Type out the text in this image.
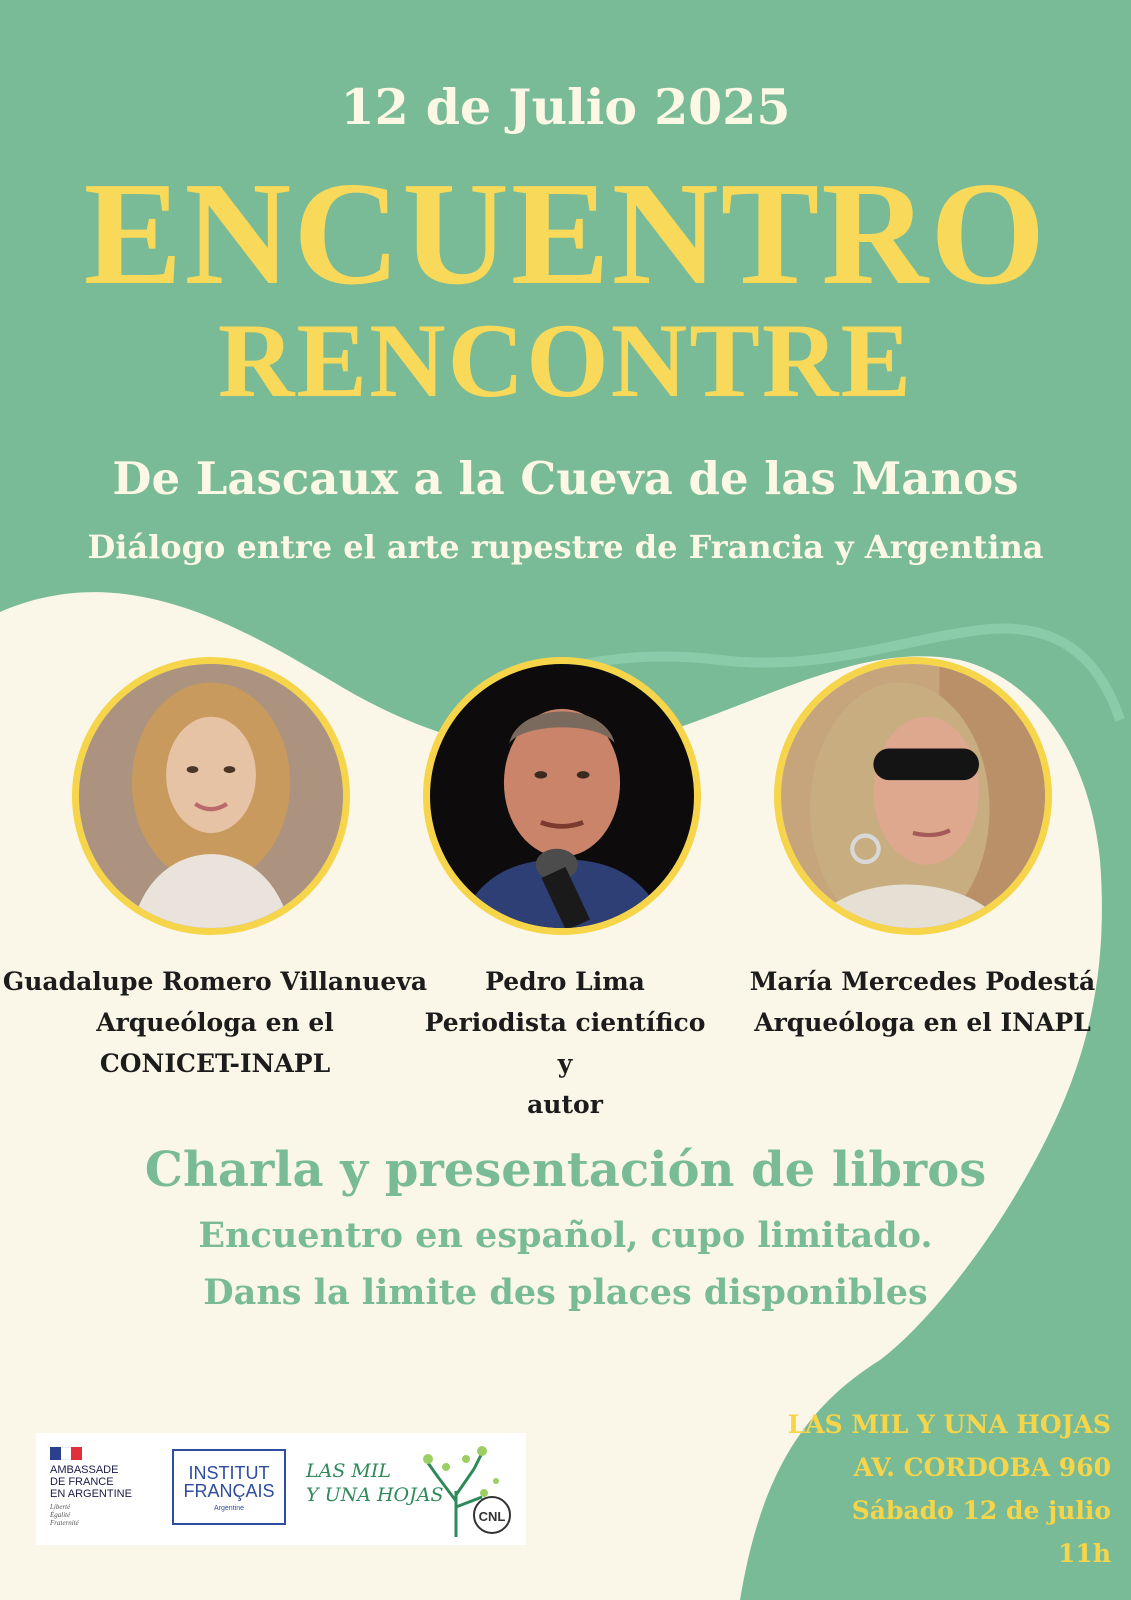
12 de Julio 2025
ENCUENTRO
RENCONTRE
De Lascaux a la Cueva de las Manos
Diálogo entre el arte rupestre de Francia y Argentina
Guadalupe Romero Villanueva
Arqueóloga en el
CONICET-INAPL
Pedro Lima
Periodista científico y
autor
María Mercedes Podestá
Arqueóloga en el INAPL
Charla y presentación de libros
Encuentro en español, cupo limitado.
Dans la limite des places disponibles
LAS MIL Y UNA HOJAS
AV. CORDOBA 960
Sábado 12 de julio
11h
AMBASSADE
DE FRANCE
EN ARGENTINE
Liberté
Égalité
Fraternité
INSTITUT
FRANÇAIS
Argentine
CNL
LAS MIL
Y UNA HOJAS
